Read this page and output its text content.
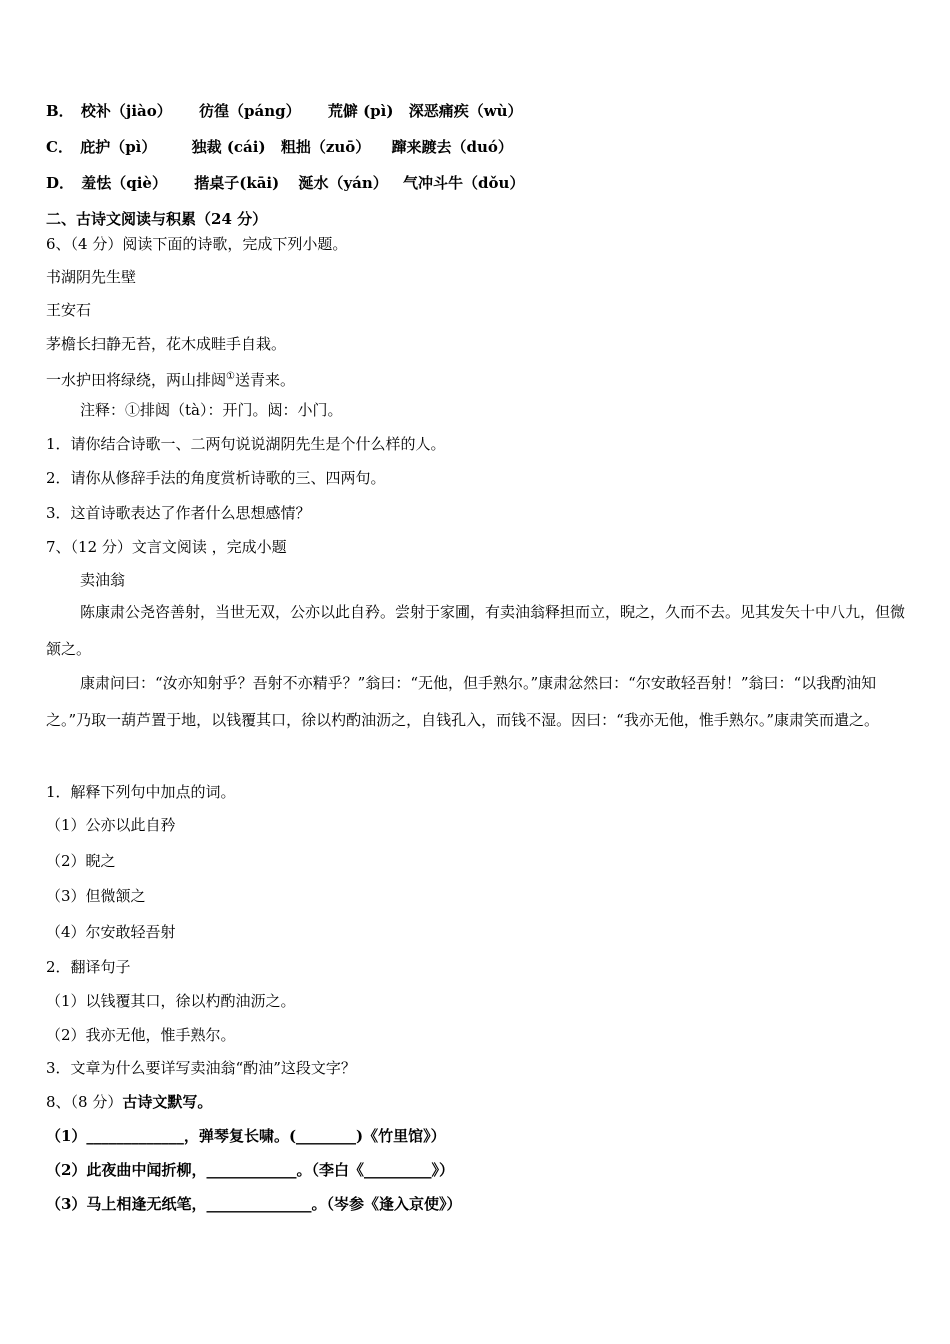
B． 校补（jiào） 彷徨（páng） 荒僻 (pì) 深恶痛疾（wù）
C． 庇护（pì） 独裁 (cái) 粗拙（zuō） 蹿来踱去（duó）
D． 羞怯（qiè） 揩桌子(kāi) 涎水（yán） 气冲斗牛（dǒu）
二、古诗文阅读与积累（24 分）
6、（4 分）阅读下面的诗歌，完成下列小题。
书湖阴先生壁
王安石
茅檐长扫静无苔，花木成畦手自栽。
一水护田将绿绕，两山排闼①送青来。
注释：①排闼（tà）：开门。闼：小门。
1．请你结合诗歌一、二两句说说湖阴先生是个什么样的人。
2．请你从修辞手法的角度赏析诗歌的三、四两句。
3．这首诗歌表达了作者什么思想感情？
7、（12 分）文言文阅读 ，完成小题
卖油翁
陈康肃公尧咨善射，当世无双，公亦以此自矜。尝射于家圃，有卖油翁释担而立，睨之，久而不去。见其发矢十中八九，但微颔之。
康肃问曰：“汝亦知射乎？吾射不亦精乎？”翁曰：“无他，但手熟尔。”康肃忿然曰：“尔安敢轻吾射！”翁曰：“以我酌油知之。”乃取一葫芦置于地，以钱覆其口，徐以杓酌油沥之，自钱孔入，而钱不湿。因曰：“我亦无他，惟手熟尔。”康肃笑而遣之。
1．解释下列句中加点的词。
（1）公亦以此自矜
（2）睨之
（3）但微颔之
（4）尔安敢轻吾射
2．翻译句子
（1）以钱覆其口，徐以杓酌油沥之。
（2）我亦无他，惟手熟尔。
3．文章为什么要详写卖油翁“酌油”这段文字？
8、（8 分）古诗文默写。
（1）_____________，弹琴复长啸。(________)《竹里馆》）
（2）此夜曲中闻折柳，____________。（李白《_________》）
（3）马上相逢无纸笔，______________。（岑参《逢入京使》）
